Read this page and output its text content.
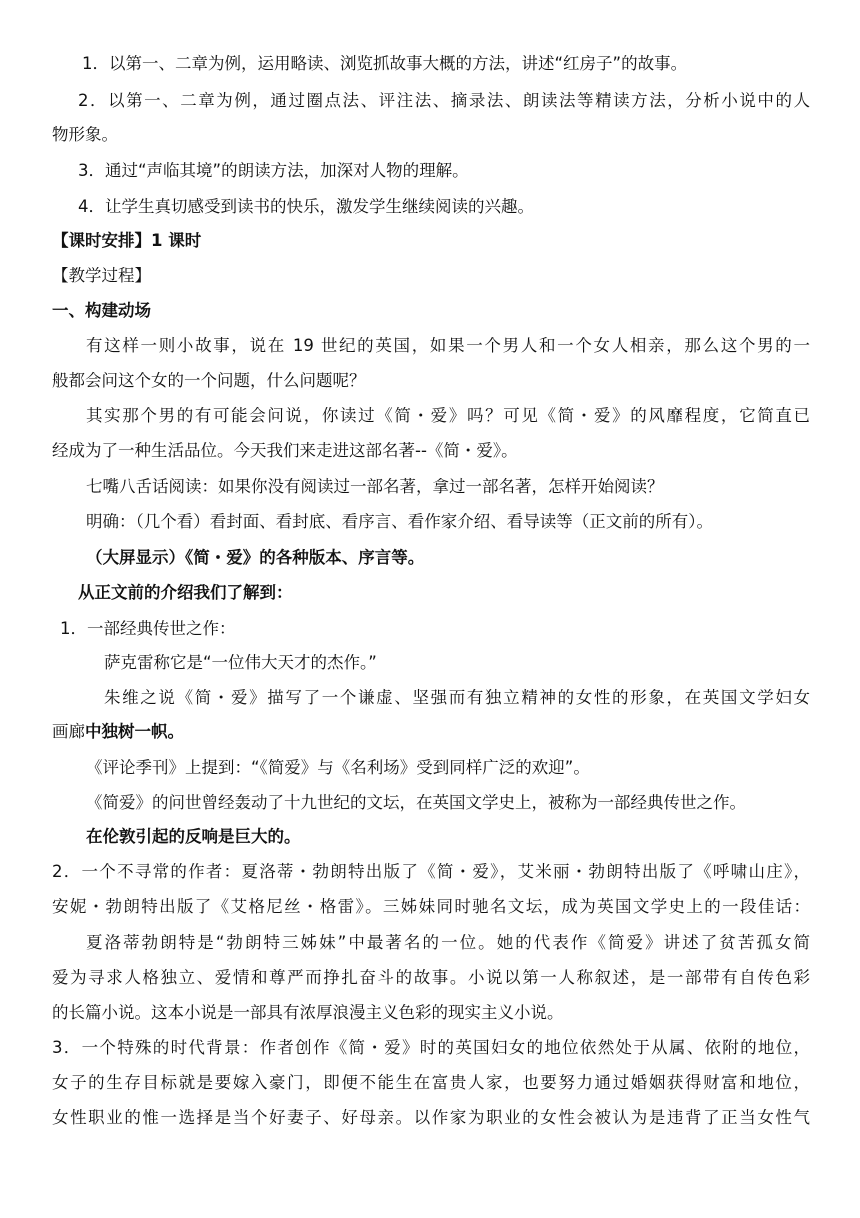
1．以第一、二章为例，运用略读、浏览抓故事大概的方法，讲述“红房子”的故事。
2．以第一、二章为例，通过圈点法、评注法、摘录法、朗读法等精读方法，分析小说中的人
物形象。
3．通过“声临其境”的朗读方法，加深对人物的理解。
4．让学生真切感受到读书的快乐，激发学生继续阅读的兴趣。
【课时安排】1 课时
【教学过程】
一、构建动场
有这样一则小故事，说在 19 世纪的英国，如果一个男人和一个女人相亲，那么这个男的一
般都会问这个女的一个问题，什么问题呢？
其实那个男的有可能会问说，你读过《简・爱》吗？可见《简・爱》的风靡程度，它简直已
经成为了一种生活品位。今天我们来走进这部名著--《简・爱》。
七嘴八舌话阅读：如果你没有阅读过一部名著，拿过一部名著，怎样开始阅读？
明确：（几个看）看封面、看封底、看序言、看作家介绍、看导读等（正文前的所有）。
（大屏显示）《简・爱》的各种版本、序言等。
从正文前的介绍我们了解到：
1．一部经典传世之作：
萨克雷称它是“一位伟大天才的杰作。”
朱维之说《简・爱》描写了一个谦虚、坚强而有独立精神的女性的形象，在英国文学妇女
画廊中独树一帜。
《评论季刊》上提到：“《简爱》与《名利场》受到同样广泛的欢迎”。
《简爱》的问世曾经轰动了十九世纪的文坛，在英国文学史上，被称为一部经典传世之作。
在伦敦引起的反响是巨大的。
2．一个不寻常的作者：夏洛蒂・勃朗特出版了《简・爱》，艾米丽・勃朗特出版了《呼啸山庄》，
安妮・勃朗特出版了《艾格尼丝・格雷》。三姊妹同时驰名文坛，成为英国文学史上的一段佳话：
夏洛蒂勃朗特是“勃朗特三姊妹”中最著名的一位。她的代表作《简爱》讲述了贫苦孤女简
爱为寻求人格独立、爱情和尊严而挣扎奋斗的故事。小说以第一人称叙述，是一部带有自传色彩
的长篇小说。这本小说是一部具有浓厚浪漫主义色彩的现实主义小说。
3．一个特殊的时代背景：作者创作《简・爱》时的英国妇女的地位依然处于从属、依附的地位，
女子的生存目标就是要嫁入豪门，即便不能生在富贵人家，也要努力通过婚姻获得财富和地位，
女性职业的惟一选择是当个好妻子、好母亲。以作家为职业的女性会被认为是违背了正当女性气
